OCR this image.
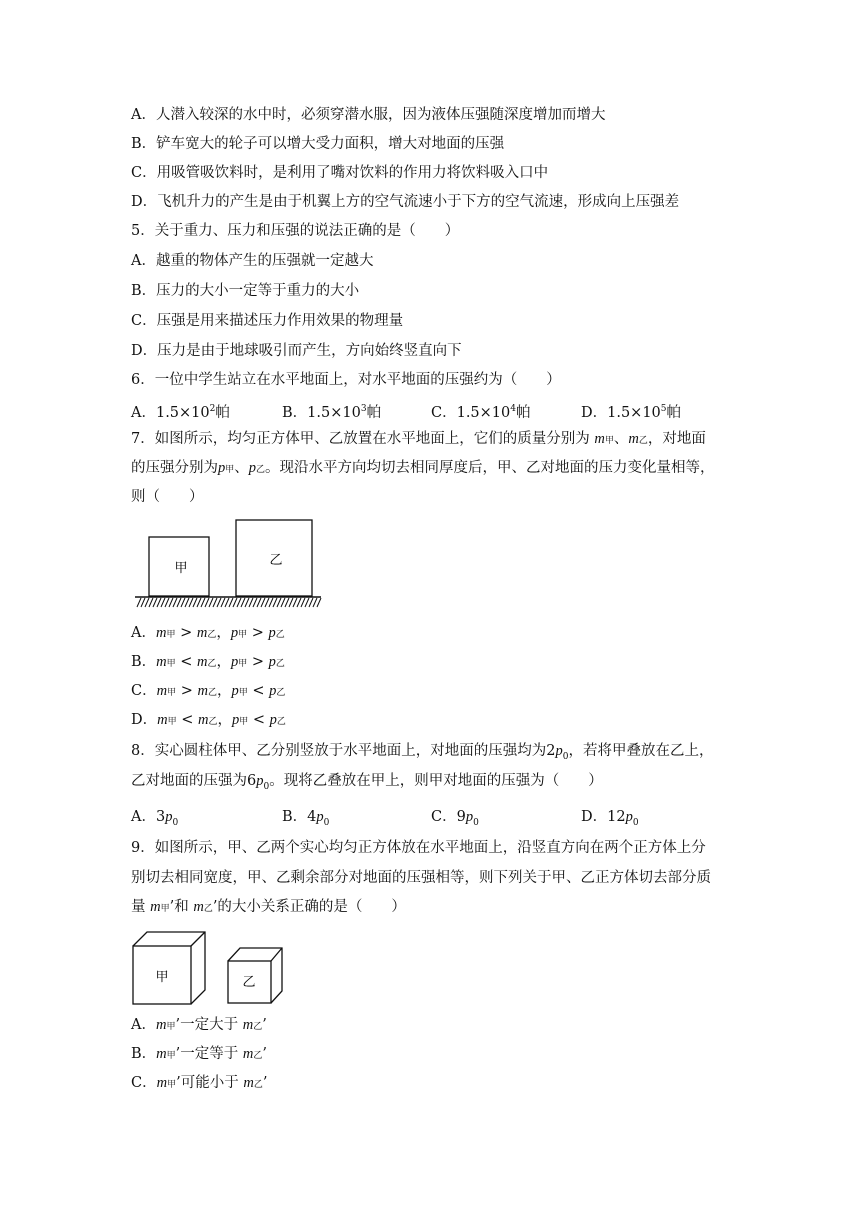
A．人潜入较深的水中时，必须穿潜水服，因为液体压强随深度增加而增大
B．铲车宽大的轮子可以增大受力面积，增大对地面的压强
C．用吸管吸饮料时，是利用了嘴对饮料的作用力将饮料吸入口中
D．飞机升力的产生是由于机翼上方的空气流速小于下方的空气流速，形成向上压强差
5．关于重力、压力和压强的说法正确的是（　　）
A．越重的物体产生的压强就一定越大
B．压力的大小一定等于重力的大小
C．压强是用来描述压力作用效果的物理量
D．压力是由于地球吸引而产生，方向始终竖直向下
6．一位中学生站立在水平地面上，对水平地面的压强约为（　　）
A．$1.5\times 10^2$帕	B．$1.5\times 10^3$帕	C．$1.5\times 10^4$帕	D．$1.5\times 10^5$帕
7．如图所示，均匀正方体甲、乙放置在水平地面上，它们的质量分别为 m甲、m乙，对地面
的压强分别为p甲、p乙。现沿水平方向均切去相同厚度后，甲、乙对地面的压力变化量相等，
则（　　）
甲
乙
A．m甲 > m乙，p甲 > p乙
B．m甲 < m乙，p甲 > p乙
C．m甲 > m乙，p甲 < p乙
D．m甲 < m乙，p甲 < p乙
8．实心圆柱体甲、乙分别竖放于水平地面上，对地面的压强均为$2p_0$，若将甲叠放在乙上，
乙对地面的压强为$6p_0$。现将乙叠放在甲上，则甲对地面的压强为（　　）
A．$3p_0$	B．$4p_0$	C．$9p_0$	D．$12p_0$
9．如图所示，甲、乙两个实心均匀正方体放在水平地面上，沿竖直方向在两个正方体上分
别切去相同宽度，甲、乙剩余部分对地面的压强相等，则下列关于甲、乙正方体切去部分质
量 m甲’和 m乙’的大小关系正确的是（　　）
甲	乙
A．m甲’一定大于 m乙’
B．m甲’一定等于 m乙’
C．m甲’可能小于 m乙’
